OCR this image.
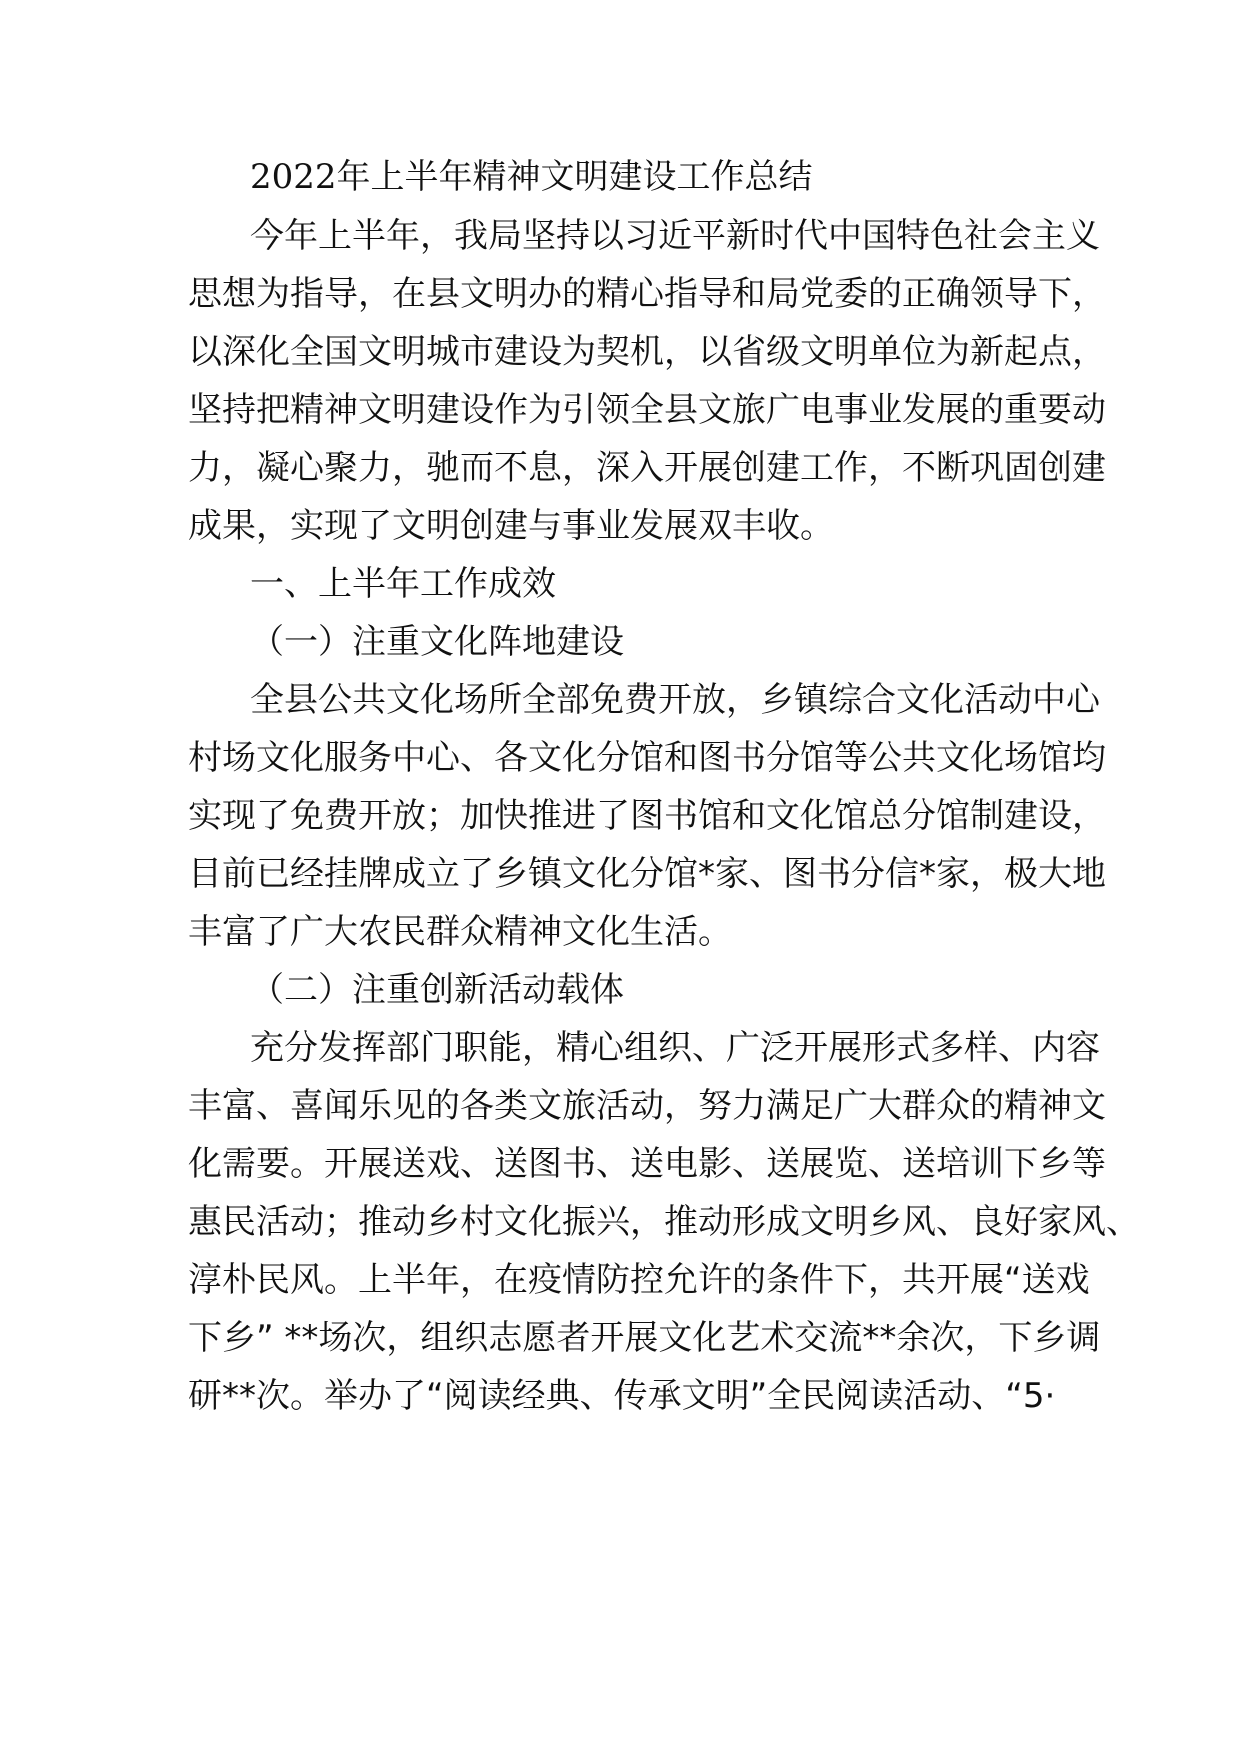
2022年上半年精神文明建设工作总结
今年上半年，我局坚持以习近平新时代中国特色社会主义
思想为指导，在县文明办的精心指导和局党委的正确领导下，
以深化全国文明城市建设为契机，以省级文明单位为新起点，
坚持把精神文明建设作为引领全县文旅广电事业发展的重要动
力，凝心聚力，驰而不息，深入开展创建工作，不断巩固创建
成果，实现了文明创建与事业发展双丰收。
一、上半年工作成效
（一）注重文化阵地建设
全县公共文化场所全部免费开放，乡镇综合文化活动中心
村场文化服务中心、各文化分馆和图书分馆等公共文化场馆均
实现了免费开放；加快推进了图书馆和文化馆总分馆制建设，
目前已经挂牌成立了乡镇文化分馆*家、图书分信*家，极大地
丰富了广大农民群众精神文化生活。
（二）注重创新活动载体
充分发挥部门职能，精心组织、广泛开展形式多样、内容
丰富、喜闻乐见的各类文旅活动，努力满足广大群众的精神文
化需要。开展送戏、送图书、送电影、送展览、送培训下乡等
惠民活动；推动乡村文化振兴，推动形成文明乡风、良好家风、
淳朴民风。上半年，在疫情防控允许的条件下，共开展“送戏
下乡” **场次，组织志愿者开展文化艺术交流**余次，下乡调
研**次。举办了“阅读经典、传承文明”全民阅读活动、“5·
